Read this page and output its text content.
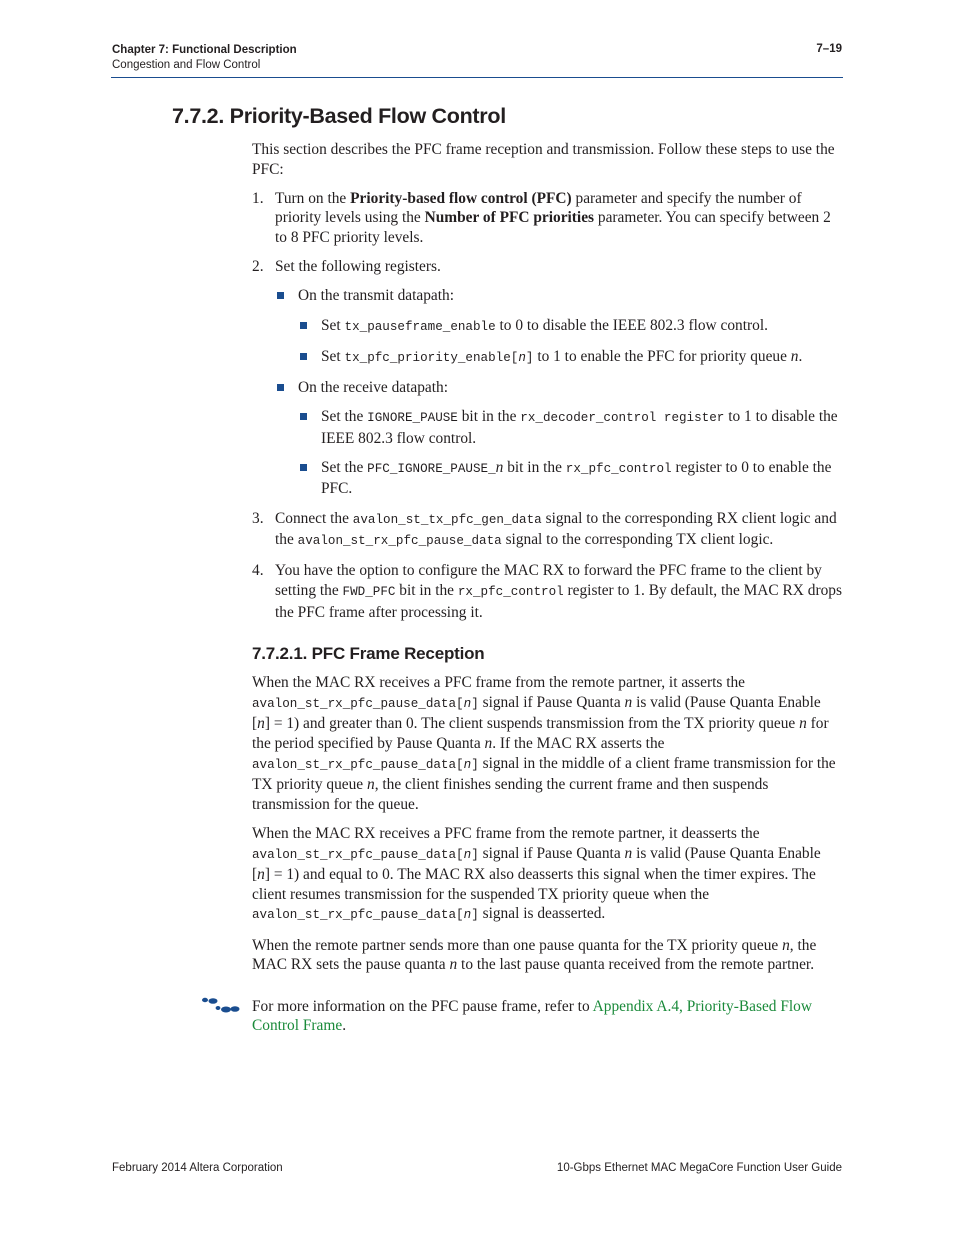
Chapter 7: Functional Description
Congestion and Flow Control
7–19
7.7.2. Priority-Based Flow Control

This section describes the PFC frame reception and transmission. Follow these steps to use the PFC:

1. Turn on the Priority-based flow control (PFC) parameter and specify the number of priority levels using the Number of PFC priorities parameter. You can specify between 2 to 8 PFC priority levels.
2. Set the following registers.
On the transmit datapath:
Set tx_pauseframe_enable to 0 to disable the IEEE 802.3 flow control.
Set tx_pfc_priority_enable[n] to 1 to enable the PFC for priority queue n.
On the receive datapath:
Set the IGNORE_PAUSE bit in the rx_decoder_control register to 1 to disable the IEEE 802.3 flow control.
Set the PFC_IGNORE_PAUSE_n bit in the rx_pfc_control register to 0 to enable the PFC.
3. Connect the avalon_st_tx_pfc_gen_data signal to the corresponding RX client logic and the avalon_st_rx_pfc_pause_data signal to the corresponding TX client logic.
4. You have the option to configure the MAC RX to forward the PFC frame to the client by setting the FWD_PFC bit in the rx_pfc_control register to 1. By default, the MAC RX drops the PFC frame after processing it.
7.7.2.1. PFC Frame Reception

When the MAC RX receives a PFC frame from the remote partner, it asserts the avalon_st_rx_pfc_pause_data[n] signal if Pause Quanta n is valid (Pause Quanta Enable [n] = 1) and greater than 0. The client suspends transmission from the TX priority queue n for the period specified by Pause Quanta n. If the MAC RX asserts the avalon_st_rx_pfc_pause_data[n] signal in the middle of a client frame transmission for the TX priority queue n, the client finishes sending the current frame and then suspends transmission for the queue.

When the MAC RX receives a PFC frame from the remote partner, it deasserts the avalon_st_rx_pfc_pause_data[n] signal if Pause Quanta n is valid (Pause Quanta Enable [n] = 1) and equal to 0. The MAC RX also deasserts this signal when the timer expires. The client resumes transmission for the suspended TX priority queue when the avalon_st_rx_pfc_pause_data[n] signal is deasserted.

When the remote partner sends more than one pause quanta for the TX priority queue n, the MAC RX sets the pause quanta n to the last pause quanta received from the remote partner.

For more information on the PFC pause frame, refer to Appendix A.4, Priority-Based Flow Control Frame.
February 2014 Altera Corporation	10-Gbps Ethernet MAC MegaCore Function User Guide
